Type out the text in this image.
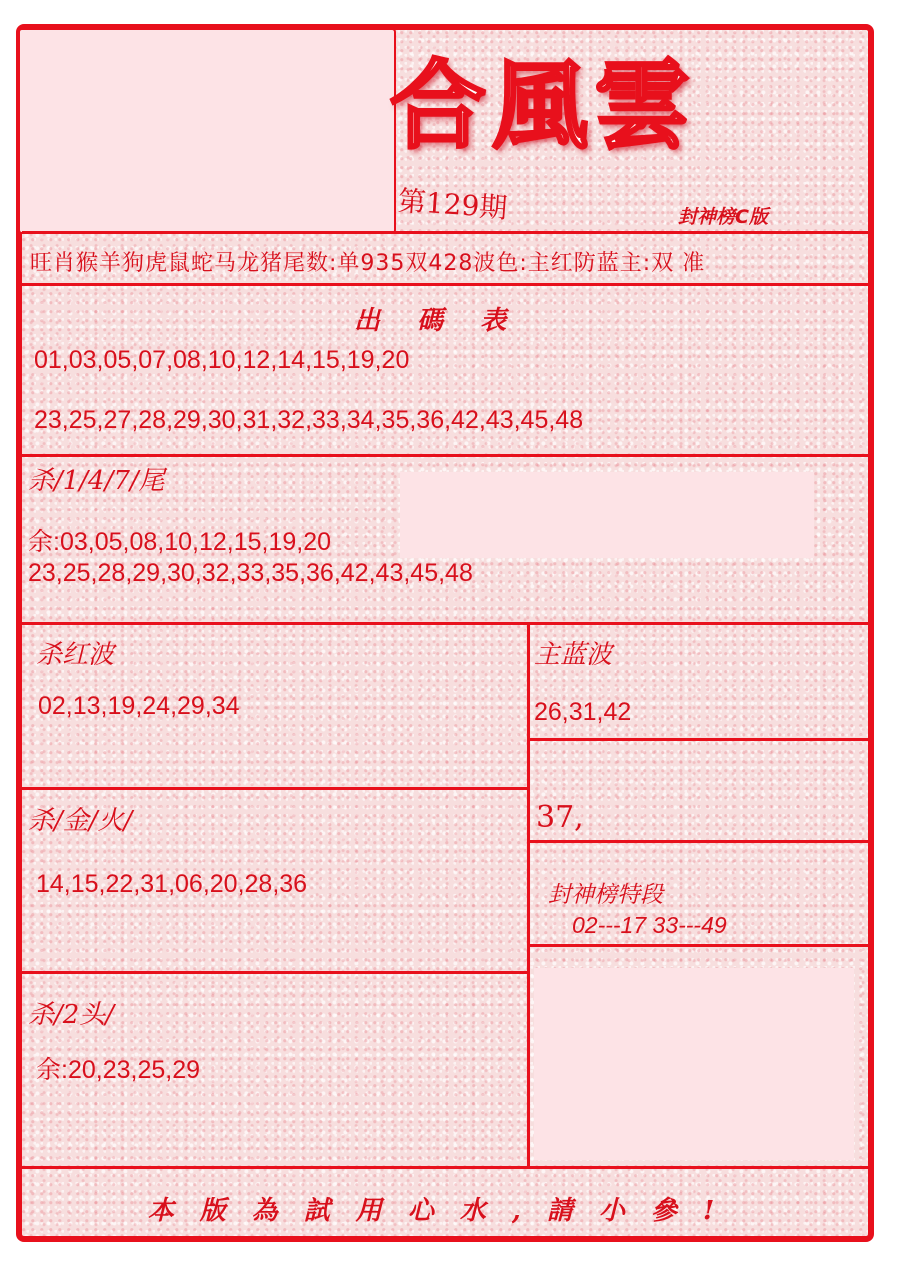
合風雲
第129期	封神榜C版
旺肖猴羊狗虎鼠蛇马龙猪尾数:单935双428波色:主红防蓝主:双 准
出 碼 表
01,03,05,07,08,10,12,14,15,19,20
23,25,27,28,29,30,31,32,33,34,35,36,42,43,45,48
杀/1/4/7/尾
余:03,05,08,10,12,15,19,20
23,25,28,29,30,32,33,35,36,42,43,45,48
杀红波
02,13,19,24,29,34
主蓝波
26,31,42
37,
杀/金/火/
14,15,22,31,06,20,28,36	封神榜特段
02---17 33---49
杀/2头/
余:20,23,25,29
本版為試用心水,請小參!
